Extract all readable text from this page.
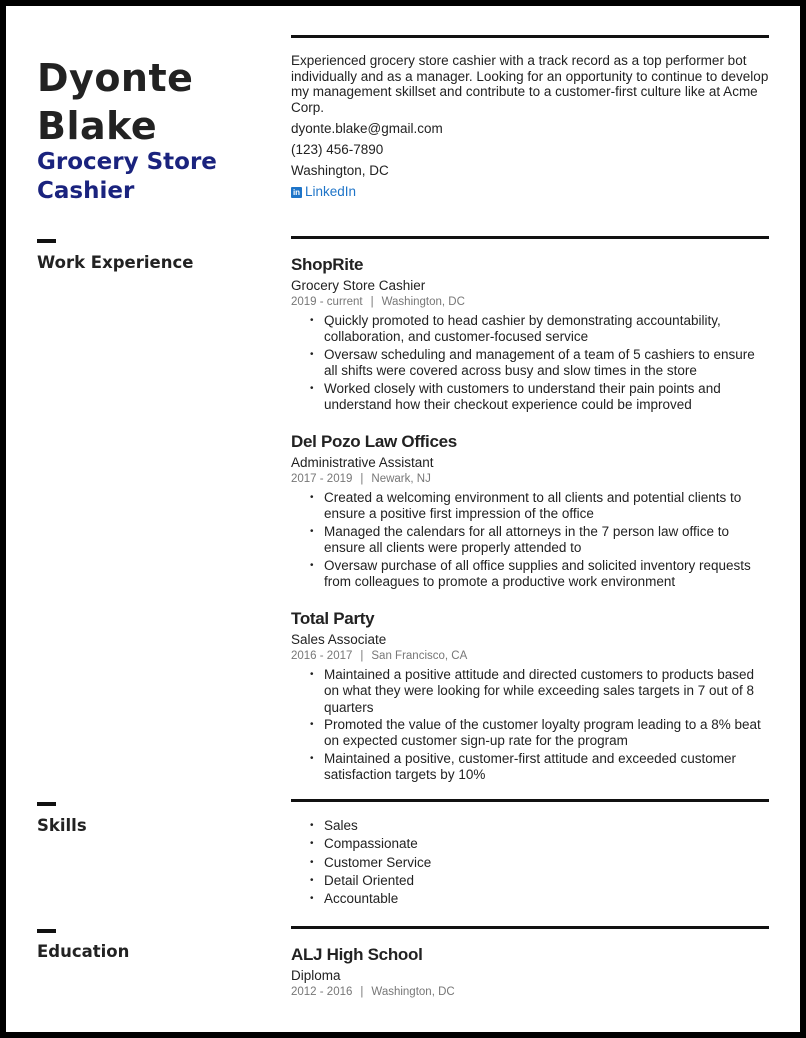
Dyonte
Blake
Grocery Store
Cashier
Experienced grocery store cashier with a track record as a top performer bot individually and as a manager. Looking for an opportunity to continue to develop my management skillset and contribute to a customer-first culture like at Acme Corp.
dyonte.blake@gmail.com
(123) 456-7890
Washington, DC
in LinkedIn
Work Experience	ShopRite
Grocery Store Cashier
2019 - current | Washington, DC
• Quickly promoted to head cashier by demonstrating accountability, collaboration, and customer-focused service
• Oversaw scheduling and management of a team of 5 cashiers to ensure all shifts were covered across busy and slow times in the store
• Worked closely with customers to understand their pain points and understand how their checkout experience could be improved
Del Pozo Law Offices
Administrative Assistant
2017 - 2019 | Newark, NJ
• Created a welcoming environment to all clients and potential clients to ensure a positive first impression of the office
• Managed the calendars for all attorneys in the 7 person law office to ensure all clients were properly attended to
• Oversaw purchase of all office supplies and solicited inventory requests from colleagues to promote a productive work environment
Total Party
Sales Associate
2016 - 2017 | San Francisco, CA
• Maintained a positive attitude and directed customers to products based on what they were looking for while exceeding sales targets in 7 out of 8 quarters
• Promoted the value of the customer loyalty program leading to a 8% beat on expected customer sign-up rate for the program
• Maintained a positive, customer-first attitude and exceeded customer satisfaction targets by 10%
Skills
•	Sales
• Compassionate
• Customer Service
• Detail Oriented
• Accountable
Education	ALJ High School
Diploma
2012 - 2016 | Washington, DC
